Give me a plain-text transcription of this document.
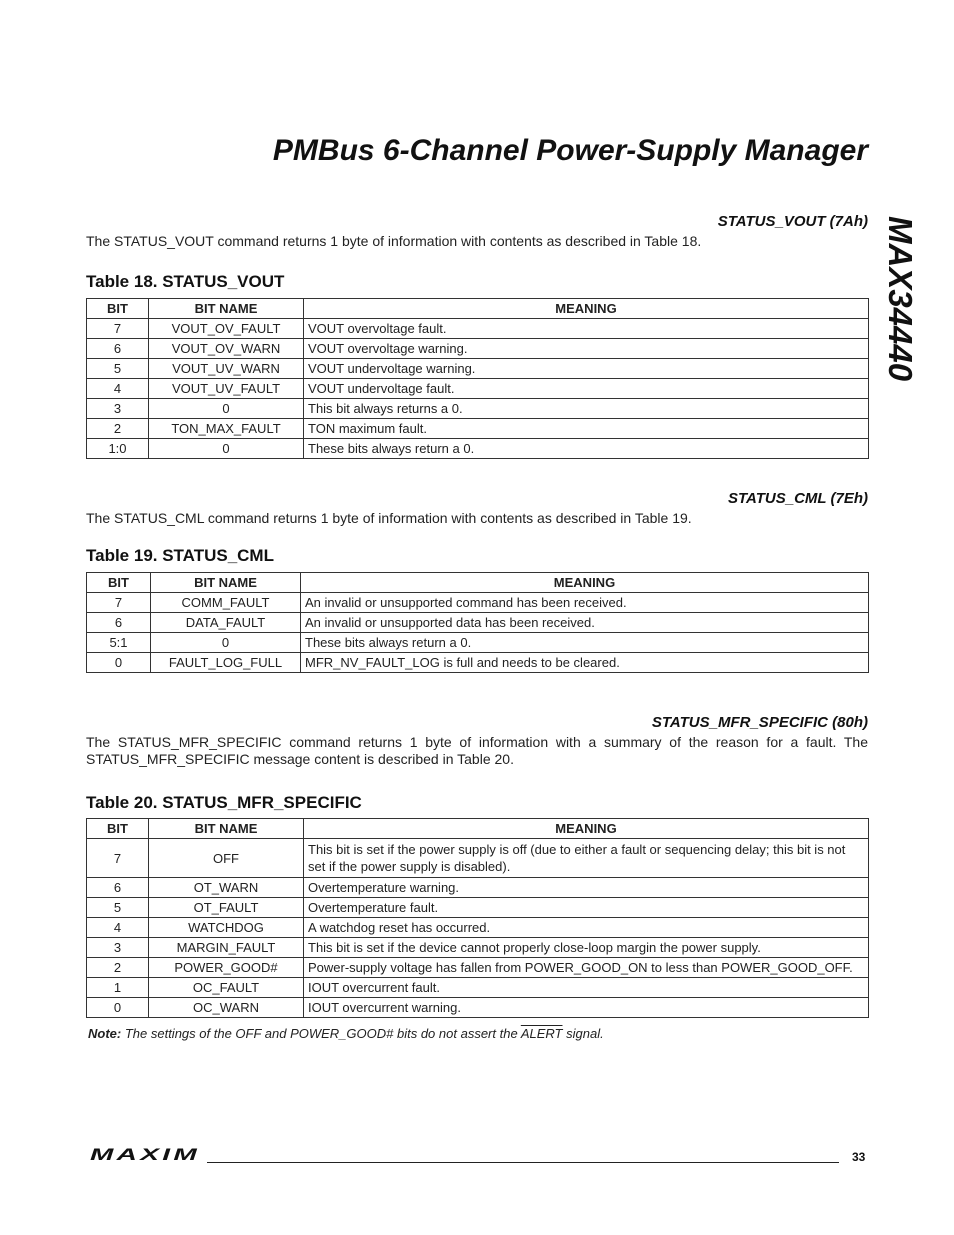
PMBus 6-Channel Power-Supply Manager
MAX34440
STATUS_VOUT (7Ah)
The STATUS_VOUT command returns 1 byte of information with contents as described in Table 18.
Table 18. STATUS_VOUT
BIT	BIT NAME	MEANING
7	VOUT_OV_FAULT	VOUT overvoltage fault.
6	VOUT_OV_WARN	VOUT overvoltage warning.
5	VOUT_UV_WARN	VOUT undervoltage warning.
4	VOUT_UV_FAULT	VOUT undervoltage fault.
3	0	This bit always returns a 0.
2	TON_MAX_FAULT	TON maximum fault.
1:0	0	These bits always return a 0.
STATUS_CML (7Eh)
The STATUS_CML command returns 1 byte of information with contents as described in Table 19.
Table 19. STATUS_CML
BIT	BIT NAME	MEANING
7	COMM_FAULT	An invalid or unsupported command has been received.
6	DATA_FAULT	An invalid or unsupported data has been received.
5:1	0	These bits always return a 0.
0	FAULT_LOG_FULL	MFR_NV_FAULT_LOG is full and needs to be cleared.
STATUS_MFR_SPECIFIC (80h)
The STATUS_MFR_SPECIFIC command returns 1 byte of information with a summary of the reason for a fault. The STATUS_MFR_SPECIFIC message content is described in Table 20.
Table 20. STATUS_MFR_SPECIFIC
BIT	BIT NAME	MEANING
7	OFF	This bit is set if the power supply is off (due to either a fault or sequencing delay; this bit is not set if the power supply is disabled).
6	OT_WARN	Overtemperature warning.
5	OT_FAULT	Overtemperature fault.
4	WATCHDOG	A watchdog reset has occurred.
3	MARGIN_FAULT	This bit is set if the device cannot properly close-loop margin the power supply.
2	POWER_GOOD#	Power-supply voltage has fallen from POWER_GOOD_ON to less than POWER_GOOD_OFF.
1	OC_FAULT	IOUT overcurrent fault.
0	OC_WARN	IOUT overcurrent warning.
Note: The settings of the OFF and POWER_GOOD# bits do not assert the ALERT signal.
MAXIM	33
